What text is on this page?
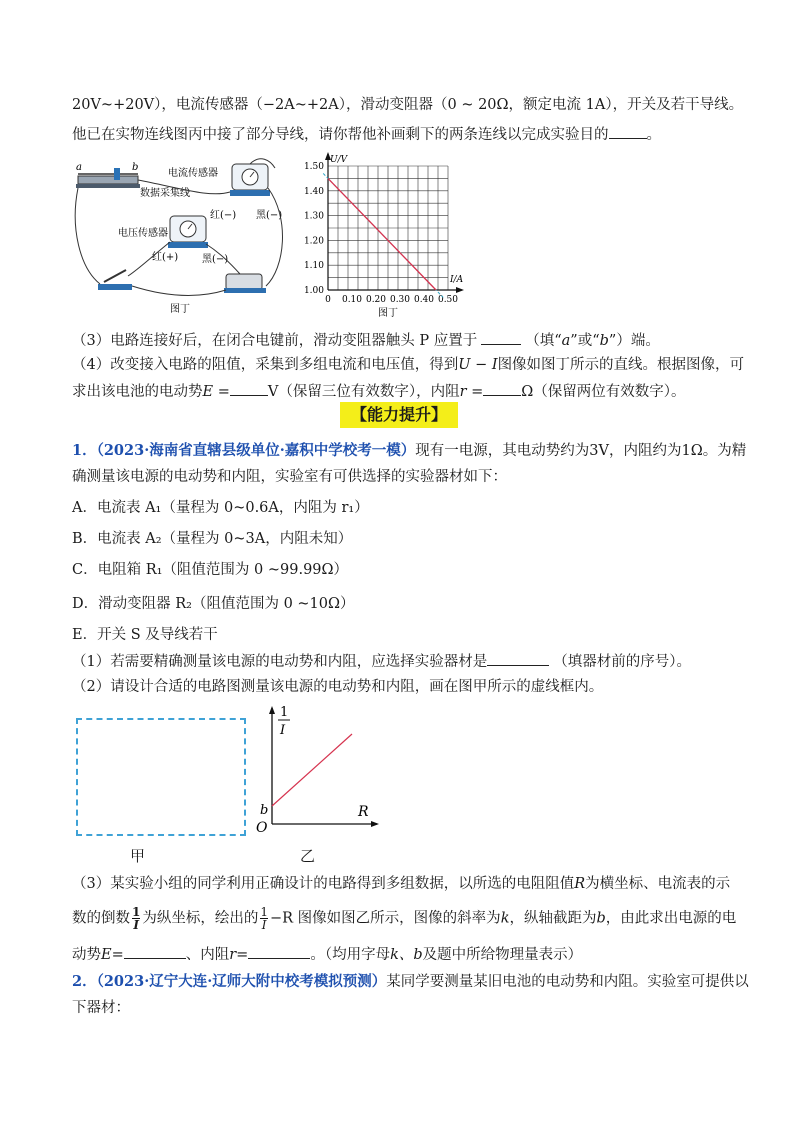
20V~+20V），电流传感器（−2A~+2A），滑动变阻器（0 ~ 20Ω，额定电流 1A），开关及若干导线。
他已在实物连线图丙中接了部分导线，请你帮他补画剩下的两条连线以完成实验目的	。
a	b
电流传感器
数据采集线
红(−) 黑(−)
电压传感器
红(+) 黑(−)
图丁
1.00
1.10
1.20
1.30
1.40
1.50
0 0.10 0.20 0.30 0.40 0.50
U/V
I/A
图丁
（3）电路连接好后，在闭合电键前，滑动变阻器触头 P 应置于	（填“a”或“b”）端。
（4）改变接入电路的阻值，采集到多组电流和电压值，得到U − I图像如图丁所示的直线。根据图像，可
求出该电池的电动势E =	V（保留三位有效数字），内阻r =	Ω（保留两位有效数字）。
【能力提升】
1．（2023·海南省直辖县级单位·嘉积中学校考一模）现有一电源，其电动势约为3V，内阻约为1Ω。为精
确测量该电源的电动势和内阻，实验室有可供选择的实验器材如下：
A．电流表 A₁（量程为 0~0.6A，内阻为 r₁）
B．电流表 A₂（量程为 0~3A，内阻未知）
C．电阻箱 R₁（阻值范围为 0 ~99.99Ω）
D．滑动变阻器 R₂（阻值范围为 0 ~10Ω）
E．开关 S 及导线若干
（1）若需要精确测量该电源的电动势和内阻，应选择实验器材是	（填器材前的序号）。
（2）请设计合适的电路图测量该电源的电动势和内阻，画在图甲所示的虚线框内。
甲
1
I
R
O
b
乙
（3）某实验小组的同学利用正确设计的电路得到多组数据，以所选的电阻阻值R为横坐标、电流表的示
数的倒数 $\frac{1}{I}$ 为纵坐标，绘出的 $\frac{1}{I} -R$ 图像如图乙所示，图像的斜率为k，纵轴截距为b，由此求出电源的电
动势E=	、内阻r=	。（均用字母k、b及题中所给物理量表示）
2．（2023·辽宁大连·辽师大附中校考模拟预测）某同学要测量某旧电池的电动势和内阻。实验室可提供以
下器材：
